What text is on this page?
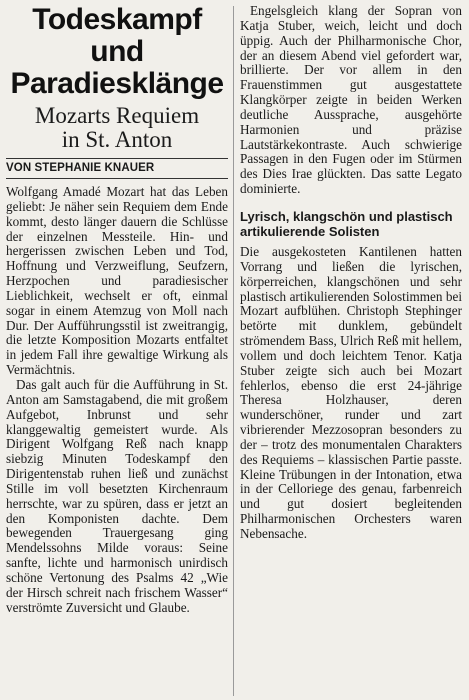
Todeskampf
und
Paradiesklänge
Mozarts Requiem
in St. Anton
VON STEPHANIE KNAUER

Wolfgang Amadé Mozart hat das Leben geliebt: Je näher sein Requiem dem Ende kommt, desto länger dauern die Schlüsse der einzelnen Messteile. Hin- und hergerissen zwischen Leben und Tod, Hoffnung und Verzweiflung, Seufzern, Herzpochen und paradiesischer Lieblichkeit, wechselt er oft, einmal sogar in einem Atemzug von Moll nach Dur. Der Aufführungsstil ist zweitrangig, die letzte Komposition Mozarts entfaltet in jedem Fall ihre gewaltige Wirkung als Vermächtnis.

Das galt auch für die Aufführung in St. Anton am Samstagabend, die mit großem Aufgebot, Inbrunst und sehr klanggewaltig gemeistert wurde. Als Dirigent Wolfgang Reß nach knapp siebzig Minuten Todeskampf den Dirigentenstab ruhen ließ und zunächst Stille im voll besetzten Kirchenraum herrschte, war zu spüren, dass er jetzt an den Komponisten dachte. Dem bewegenden Trauergesang ging Mendelssohns Milde voraus: Seine sanfte, lichte und harmonisch unirdisch schöne Vertonung des Psalms 42 „Wie der Hirsch schreit nach frischem Wasser“ verströmte Zuversicht und Glaube.

Engelsgleich klang der Sopran von Katja Stuber, weich, leicht und doch üppig. Auch der Philharmonische Chor, der an diesem Abend viel gefordert war, brillierte. Der vor allem in den Frauenstimmen gut ausgestattete Klangkörper zeigte in beiden Werken deutliche Aussprache, ausgehörte Harmonien und präzise Lautstärkekontraste. Auch schwierige Passagen in den Fugen oder im Stürmen des Dies Irae glückten. Das satte Legato dominierte.

Lyrisch, klangschön und plastisch artikulierende Solisten

Die ausgekosteten Kantilenen hatten Vorrang und ließen die lyrischen, körperreichen, klangschönen und sehr plastisch artikulierenden Solostimmen bei Mozart aufblühen. Christoph Stephinger betörte mit dunklem, gebündelt strömendem Bass, Ulrich Reß mit hellem, vollem und doch leichtem Tenor. Katja Stuber zeigte sich auch bei Mozart fehlerlos, ebenso die erst 24-jährige Theresa Holzhauser, deren wunderschöner, runder und zart vibrierender Mezzosopran besonders zu der – trotz des monumentalen Charakters des Requiems – klassischen Partie passte. Kleine Trübungen in der Intonation, etwa in der Celloriege des genau, farbenreich und gut dosiert begleitenden Philharmonischen Orchesters waren Nebensache.
